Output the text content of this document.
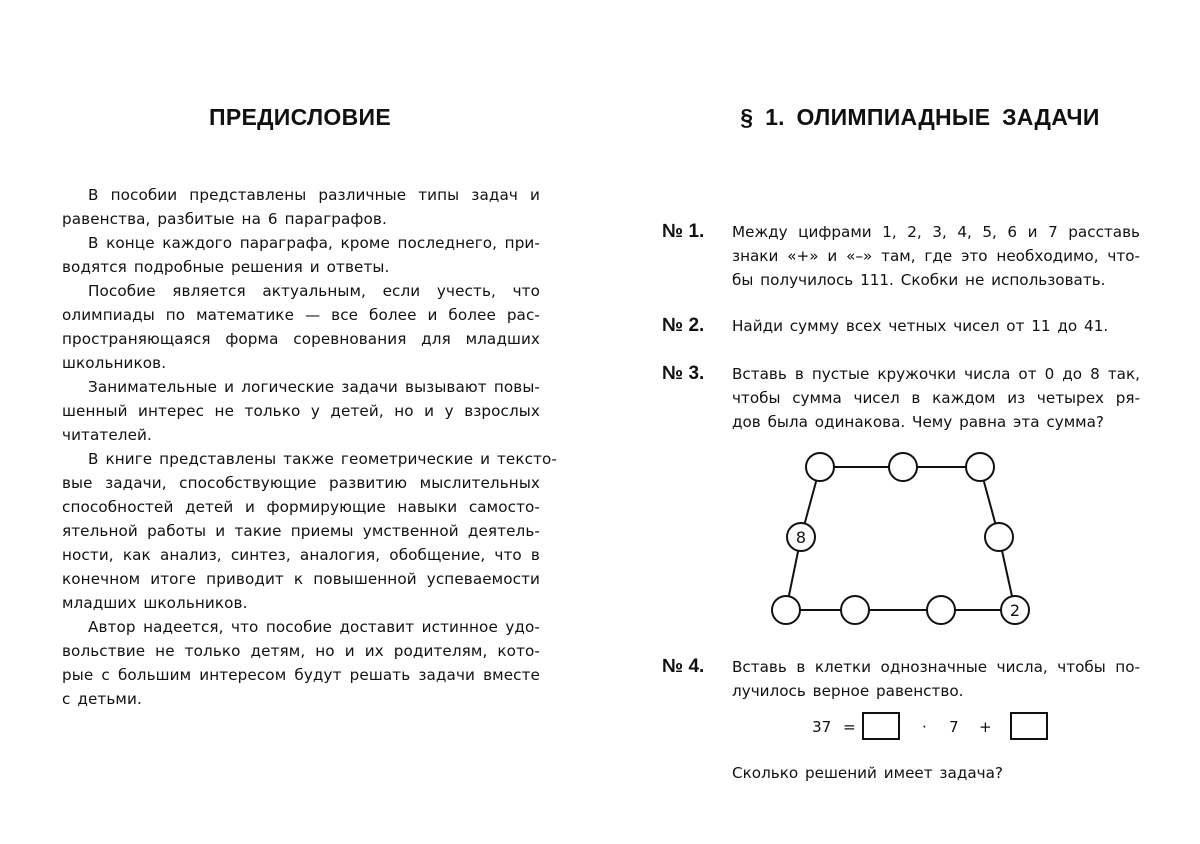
ПРЕДИСЛОВИЕ
В пособии представлены различные типы задач и
равенства, разбитые на 6 параграфов.
В конце каждого параграфа, кроме последнего, при-
водятся подробные решения и ответы.
Пособие является актуальным, если учесть, что
олимпиады по математике — все более и более рас-
пространяющаяся форма соревнования для младших
школьников.
Занимательные и логические задачи вызывают повы-
шенный интерес не только у детей, но и у взрослых
читателей.
В книге представлены также геометрические и тексто-
вые задачи, способствующие развитию мыслительных
способностей детей и формирующие навыки самосто-
ятельной работы и такие приемы умственной деятель-
ности, как анализ, синтез, аналогия, обобщение, что в
конечном итоге приводит к повышенной успеваемости
младших школьников.
Автор надеется, что пособие доставит истинное удо-
вольствие не только детям, но и их родителям, кото-
рые с большим интересом будут решать задачи вместе
с детьми.
§ 1. ОЛИМПИАДНЫЕ ЗАДАЧИ
№ 1. Между цифрами 1, 2, 3, 4, 5, 6 и 7 расставь
знаки «+» и «–» там, где это необходимо, что-
бы получилось 111. Скобки не использовать.
№ 2. Найди сумму всех четных чисел от 11 до 41.
№ 3. Вставь в пустые кружочки числа от 0 до 8 так,
чтобы сумма чисел в каждом из четырех ря-
дов была одинакова. Чему равна эта сумма?
8
2
№ 4. Вставь в клетки однозначные числа, чтобы по-
лучилось верное равенство.
37 =	· 7 +
Сколько решений имеет задача?
